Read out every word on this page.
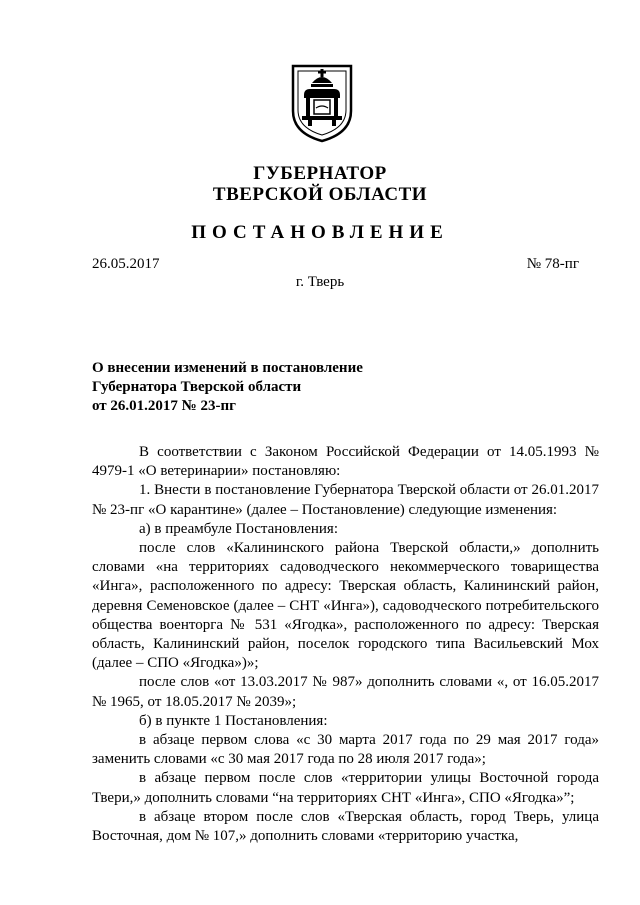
ГУБЕРНАТОР
ТВЕРСКОЙ ОБЛАСТИ
ПОСТАНОВЛЕНИЕ
26.05.2017	№ 78-пг
г. Тверь
О внесении изменений в постановление
Губернатора Тверской области
от 26.01.2017 № 23-пг

В соответствии с Законом Российской Федерации от 14.05.1993 № 4979-1 «О ветеринарии» постановляю:

1. Внести в постановление Губернатора Тверской области от 26.01.2017 № 23-пг «О карантине» (далее – Постановление) следующие изменения:

а) в преамбуле Постановления:

после слов «Калининского района Тверской области,» дополнить словами «на территориях садоводческого некоммерческого товарищества «Инга», расположенного по адресу: Тверская область, Калининский район, деревня Семеновское (далее – СНТ «Инга»), садоводческого потребительского общества военторга № 531 «Ягодка», расположенного по адресу: Тверская область, Калининский район, поселок городского типа Васильевский Мох (далее – СПО «Ягодка»)»;

после слов «от 13.03.2017 № 987» дополнить словами «, от 16.05.2017 № 1965, от 18.05.2017 № 2039»;

б) в пункте 1 Постановления:

в абзаце первом слова «с 30 марта 2017 года по 29 мая 2017 года» заменить словами «с 30 мая 2017 года по 28 июля 2017 года»;

в абзаце первом после слов «территории улицы Восточной города Твери,» дополнить словами “на территориях СНТ «Инга», СПО «Ягодка»”;

в абзаце втором после слов «Тверская область, город Тверь, улица Восточная, дом № 107,» дополнить словами «территорию участка,
